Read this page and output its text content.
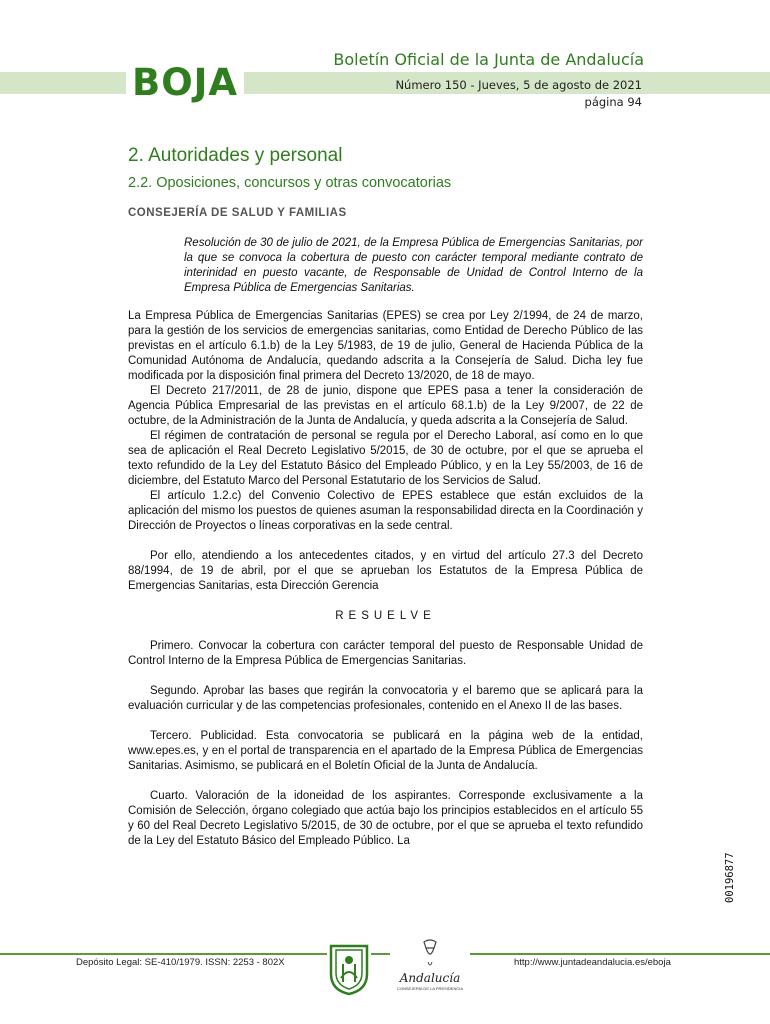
BOJA
Boletín Oficial de la Junta de Andalucía
Número 150 - Jueves, 5 de agosto de 2021
página 94
2. Autoridades y personal
2.2. Oposiciones, concursos y otras convocatorias
CONSEJERÍA DE SALUD Y FAMILIAS
Resolución de 30 de julio de 2021, de la Empresa Pública de Emergencias Sanitarias, por la que se convoca la cobertura de puesto con carácter temporal mediante contrato de interinidad en puesto vacante, de Responsable de Unidad de Control Interno de la Empresa Pública de Emergencias Sanitarias.

La Empresa Pública de Emergencias Sanitarias (EPES) se crea por Ley 2/1994, de 24 de marzo, para la gestión de los servicios de emergencias sanitarias, como Entidad de Derecho Público de las previstas en el artículo 6.1.b) de la Ley 5/1983, de 19 de julio, General de Hacienda Pública de la Comunidad Autónoma de Andalucía, quedando adscrita a la Consejería de Salud. Dicha ley fue modificada por la disposición final primera del Decreto 13/2020, de 18 de mayo.

El Decreto 217/2011, de 28 de junio, dispone que EPES pasa a tener la consideración de Agencia Pública Empresarial de las previstas en el artículo 68.1.b) de la Ley 9/2007, de 22 de octubre, de la Administración de la Junta de Andalucía, y queda adscrita a la Consejería de Salud.

El régimen de contratación de personal se regula por el Derecho Laboral, así como en lo que sea de aplicación el Real Decreto Legislativo 5/2015, de 30 de octubre, por el que se aprueba el texto refundido de la Ley del Estatuto Básico del Empleado Público, y en la Ley 55/2003, de 16 de diciembre, del Estatuto Marco del Personal Estatutario de los Servicios de Salud.

El artículo 1.2.c) del Convenio Colectivo de EPES establece que están excluidos de la aplicación del mismo los puestos de quienes asuman la responsabilidad directa en la Coordinación y Dirección de Proyectos o líneas corporativas en la sede central.

Por ello, atendiendo a los antecedentes citados, y en virtud del artículo 27.3 del Decreto 88/1994, de 19 de abril, por el que se aprueban los Estatutos de la Empresa Pública de Emergencias Sanitarias, esta Dirección Gerencia

RESUELVE

Primero. Convocar la cobertura con carácter temporal del puesto de Responsable Unidad de Control Interno de la Empresa Pública de Emergencias Sanitarias.

Segundo. Aprobar las bases que regirán la convocatoria y el baremo que se aplicará para la evaluación curricular y de las competencias profesionales, contenido en el Anexo II de las bases.

Tercero. Publicidad. Esta convocatoria se publicará en la página web de la entidad, www.epes.es, y en el portal de transparencia en el apartado de la Empresa Pública de Emergencias Sanitarias. Asimismo, se publicará en el Boletín Oficial de la Junta de Andalucía.

Cuarto. Valoración de la idoneidad de los aspirantes. Corresponde exclusivamente a la Comisión de Selección, órgano colegiado que actúa bajo los principios establecidos en el artículo 55 y 60 del Real Decreto Legislativo 5/2015, de 30 de octubre, por el que se aprueba el texto refundido de la Ley del Estatuto Básico del Empleado Público. La

00196877
Depósito Legal: SE-410/1979. ISSN: 2253 - 802X
Andalucía
CONSEJERÍA DE LA PRESIDENCIA
http://www.juntadeandalucia.es/eboja
